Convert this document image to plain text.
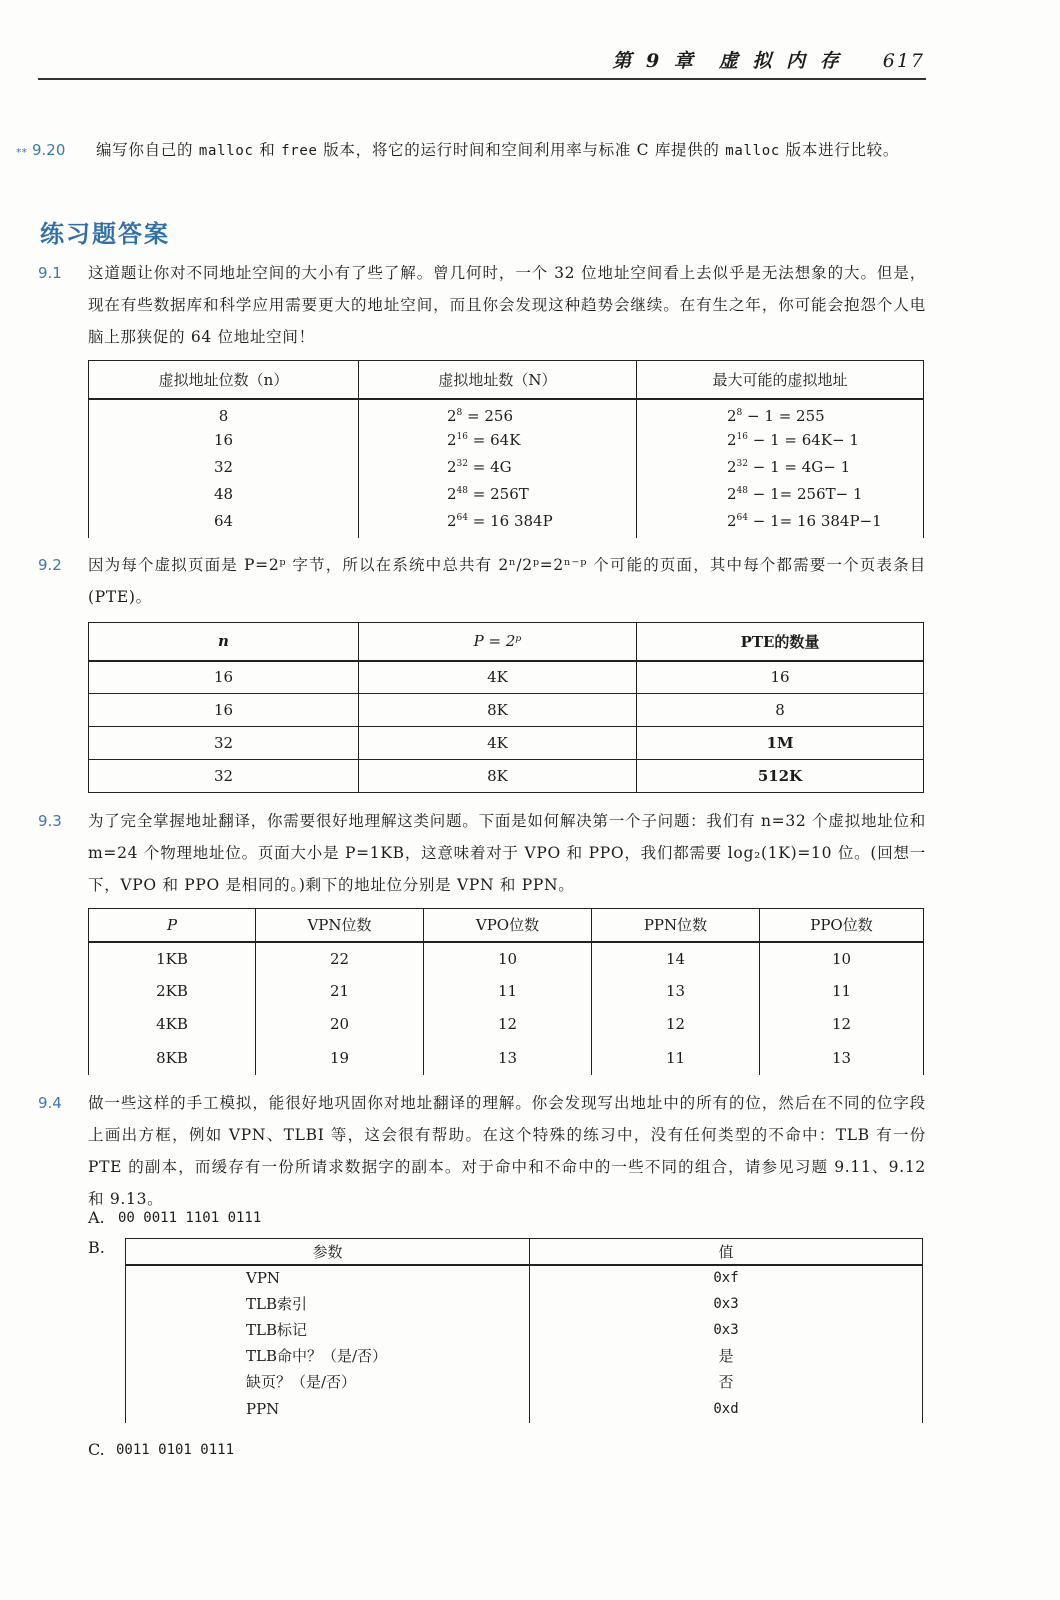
第 9 章 虚 拟 内 存 617
** 9.20 编写你自己的 malloc 和 free 版本，将它的运行时间和空间利用率与标准 C 库提供的 malloc 版本进行比较。
练习题答案
9.1 这道题让你对不同地址空间的大小有了些了解。曾几何时，一个 32 位地址空间看上去似乎是无法想象的大。但是，现在有些数据库和科学应用需要更大的地址空间，而且你会发现这种趋势会继续。在有生之年，你可能会抱怨个人电脑上那狭促的 64 位地址空间！
虚拟地址位数（n）	虚拟地址数（N）	最大可能的虚拟地址
8	$2^8 = 256$	$2^8 - 1 = 255$
16	$2^{16} = 64K$	$2^{16} - 1 = 64K- 1$
32	$2^{32} = 4G$	$2^{32} - 1 = 4G- 1$
48	$2^{48} = 256T$	$2^{48} - 1= 256T- 1$
64	$2^{64} = 16$ 384P	$2^{64} - 1= 16$ 384P−1
9.2 因为每个虚拟页面是 P=2ᵖ 字节，所以在系统中总共有 2ⁿ/2ᵖ=2ⁿ⁻ᵖ 个可能的页面，其中每个都需要一个页表条目(PTE)。
n	P = 2ᵖ	PTE的数量
16	4K	16
16	8K	8
32	4K	1M
32	8K	512K
9.3 为了完全掌握地址翻译，你需要很好地理解这类问题。下面是如何解决第一个子问题：我们有 n=32 个虚拟地址位和 m=24 个物理地址位。页面大小是 P=1KB，这意味着对于 VPO 和 PPO，我们都需要 log₂(1K)=10 位。(回想一下，VPO 和 PPO 是相同的。)剩下的地址位分别是 VPN 和 PPN。
P	VPN位数	VPO位数	PPN位数	PPO位数
1KB	22	10	14	10
2KB	21	11	13	11
4KB	20	12	12	12
8KB	19	13	11	13
9.4 做一些这样的手工模拟，能很好地巩固你对地址翻译的理解。你会发现写出地址中的所有的位，然后在不同的位字段上画出方框，例如 VPN、TLBI 等，这会很有帮助。在这个特殊的练习中，没有任何类型的不命中：TLB 有一份 PTE 的副本，而缓存有一份所请求数据字的副本。对于命中和不命中的一些不同的组合，请参见习题 9.11、9.12 和 9.13。
A. 00 0011 1101 0111
B.	参数	值
VPN	0xf
TLB索引	0x3
TLB标记	0x3
TLB命中？（是/否）	是
缺页？（是/否）	否
PPN	0xd
C. 0011 0101 0111
